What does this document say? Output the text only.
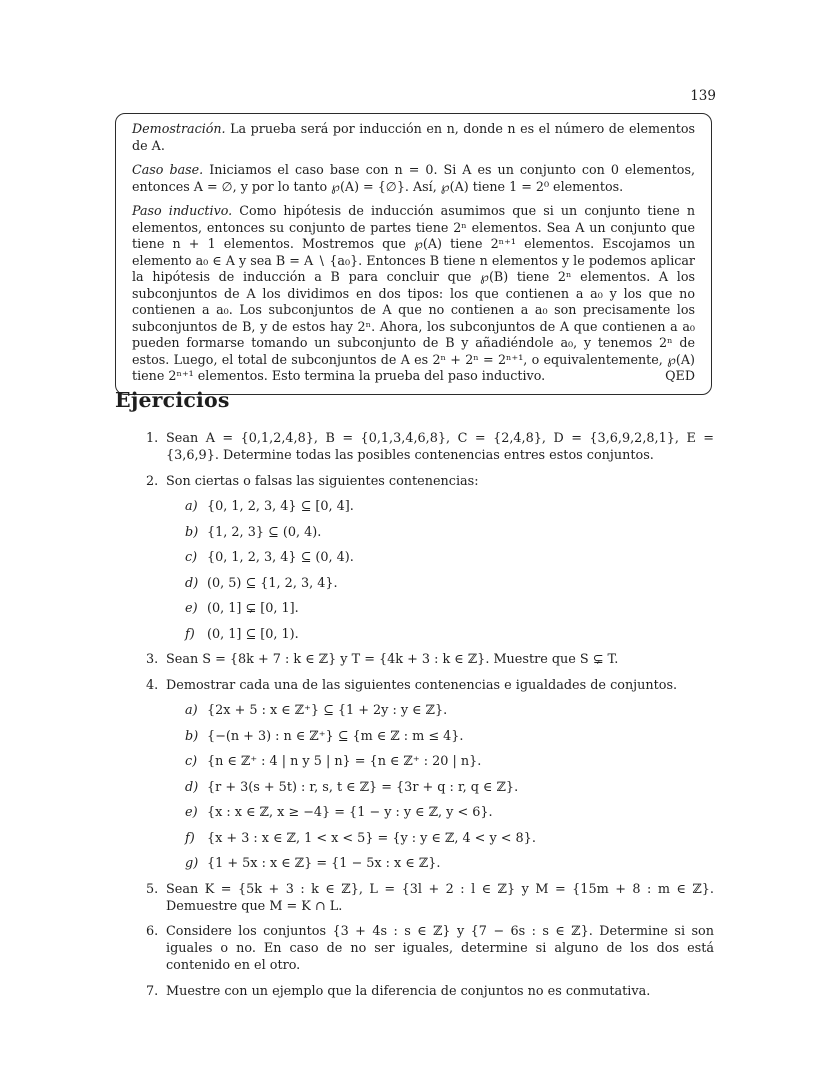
139

Demostración. La prueba será por inducción en n, donde n es el número de elementos de A.

Caso base. Iniciamos el caso base con n = 0. Si A es un conjunto con 0 elementos, entonces A = ∅, y por lo tanto ℘(A) = {∅}. Así, ℘(A) tiene 1 = 2⁰ elementos.

Paso inductivo. Como hipótesis de inducción asumimos que si un conjunto tiene n elementos, entonces su conjunto de partes tiene 2ⁿ elementos. Sea A un conjunto que tiene n + 1 elementos. Mostremos que ℘(A) tiene 2ⁿ⁺¹ elementos. Escojamos un elemento a₀ ∈ A y sea B = A ∖ {a₀}. Entonces B tiene n elementos y le podemos aplicar la hipótesis de inducción a B para concluir que ℘(B) tiene 2ⁿ elementos. A los subconjuntos de A los dividimos en dos tipos: los que contienen a a₀ y los que no contienen a a₀. Los subconjuntos de A que no contienen a a₀ son precisamente los subconjuntos de B, y de estos hay 2ⁿ. Ahora, los subconjuntos de A que contienen a a₀ pueden formarse tomando un subconjunto de B y añadiéndole a₀, y tenemos 2ⁿ de estos. Luego, el total de subconjuntos de A es 2ⁿ + 2ⁿ = 2ⁿ⁺¹, o equivalentemente, ℘(A) tiene 2ⁿ⁺¹ elementos. Esto termina la prueba del paso inductivo.	QED

Ejercicios
1. Sean A = {0,1,2,4,8}, B = {0,1,3,4,6,8}, C = {2,4,8}, D = {3,6,9,2,8,1}, E = {3,6,9}. Determine todas las posibles contenencias entres estos conjuntos.
2. Son ciertas o falsas las siguientes contenencias:
a) {0, 1, 2, 3, 4} ⊆ [0, 4].
b) {1, 2, 3} ⊆ (0, 4).
c) {0, 1, 2, 3, 4} ⊆ (0, 4).
d) (0, 5) ⊆ {1, 2, 3, 4}.
e) (0, 1] ⊊ [0, 1].
f) (0, 1] ⊆ [0, 1).
3. Sean S = {8k + 7 : k ∈ ℤ} y T = {4k + 3 : k ∈ ℤ}. Muestre que S ⊊ T.
4. Demostrar cada una de las siguientes contenencias e igualdades de conjuntos.
a) {2x + 5 : x ∈ ℤ⁺} ⊆ {1 + 2y : y ∈ ℤ}.
b) {−(n + 3) : n ∈ ℤ⁺} ⊆ {m ∈ ℤ : m ≤ 4}.
c) {n ∈ ℤ⁺ : 4 | n y 5 | n} = {n ∈ ℤ⁺ : 20 | n}.
d) {r + 3(s + 5t) : r, s, t ∈ ℤ} = {3r + q : r, q ∈ ℤ}.
e) {x : x ∈ ℤ, x ≥ −4} = {1 − y : y ∈ ℤ, y < 6}.
f) {x + 3 : x ∈ ℤ, 1 < x < 5} = {y : y ∈ ℤ, 4 < y < 8}.
g) {1 + 5x : x ∈ ℤ} = {1 − 5x : x ∈ ℤ}.
5. Sean K = {5k + 3 : k ∈ ℤ}, L = {3l + 2 : l ∈ ℤ} y M = {15m + 8 : m ∈ ℤ}. Demuestre que M = K ∩ L.
6. Considere los conjuntos {3 + 4s : s ∈ ℤ} y {7 − 6s : s ∈ ℤ}. Determine si son iguales o no. En caso de no ser iguales, determine si alguno de los dos está contenido en el otro.
7. Muestre con un ejemplo que la diferencia de conjuntos no es conmutativa.
